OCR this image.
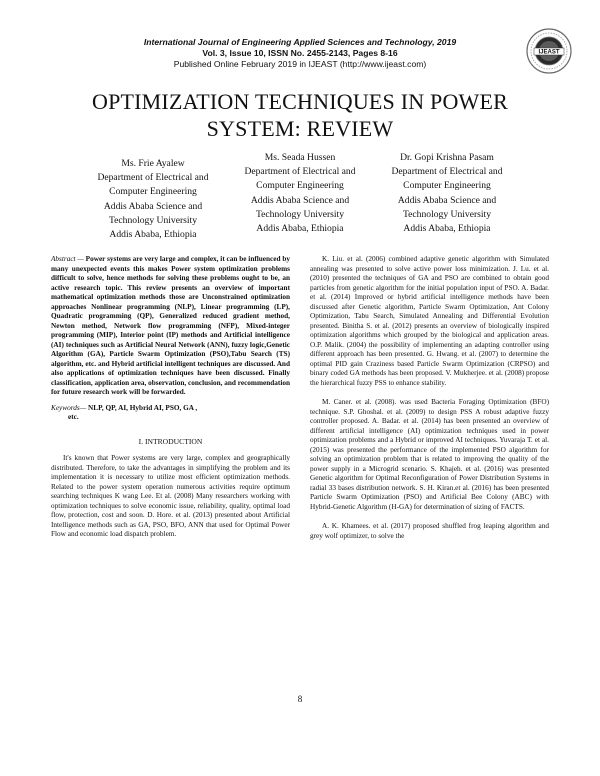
International Journal of Engineering Applied Sciences and Technology, 2019
Vol. 3, Issue 10, ISSN No. 2455-2143, Pages 8-16
Published Online February 2019 in IJEAST (http://www.ijeast.com)
IJEAST
OPTIMIZATION TECHNIQUES IN POWER
SYSTEM: REVIEW
Ms. Frie Ayalew
Department of Electrical and
Computer Engineering
Addis Ababa Science and
Technology University
Addis Ababa, Ethiopia
Ms. Seada Hussen
Department of Electrical and
Computer Engineering
Addis Ababa Science and
Technology University
Addis Ababa, Ethiopia
Dr. Gopi Krishna Pasam
Department of Electrical and
Computer Engineering
Addis Ababa Science and
Technology University
Addis Ababa, Ethiopia

Abstract — Power systems are very large and complex, it can be influenced by many unexpected events this makes Power system optimization problems difficult to solve, hence methods for solving these problems ought to be, an active research topic. This review presents an overview of important mathematical optimization methods those are Unconstrained optimization approaches Nonlinear programming (NLP), Linear programming (LP), Quadratic programming (QP), Generalized reduced gradient method, Newton method, Network flow programming (NFP), Mixed-integer programming (MIP), Interior point (IP) methods and Artificial intelligence (AI) techniques such as Artificial Neural Network (ANN), fuzzy logic,Genetic Algorithm (GA), Particle Swarm Optimization (PSO),Tabu Search (TS) algorithm, etc. and Hybrid artificial intelligent techniques are discussed. And also applications of optimization techniques have been discussed. Finally classification, application area, observation, conclusion, and recommendation for future research work will be forwarded.

Keywords— NLP, QP, AI, Hybrid AI, PSO, GA ,

etc.

I. INTRODUCTION

It's known that Power systems are very large, complex and geographically distributed. Therefore, to take the advantages in simplifying the problem and its implementation it is necessary to utilize most efficient optimization methods. Related to the power system operation numerous activities require optimum searching techniques K wang Lee. Et al. (2008) Many researchers working with optimization techniques to solve economic issue, reliability, quality, optimal load flow, protection, cost and soon. D. Hore. et al. (2013) presented about Artificial Intelligence methods such as GA, PSO, BFO, ANN that used for Optimal Power Flow and economic load dispatch problem.

K. Liu. et al. (2006) combined adaptive genetic algorithm with Simulated annealing was presented to solve active power loss minimization. J. Lu. et al. (2010) presented the techniques of GA and PSO are combined to obtain good particles from genetic algorithm for the initial population input of PSO. A. Badar. et al. (2014) Improved or hybrid artificial intelligence methods have been discussed after Genetic algorithm, Particle Swarm Optimization, Ant Colony Optimization, Tabu Search, Simulated Annealing and Differential Evolution presented. Binitha S. et al. (2012) presents an overview of biologically inspired optimization algorithms which grouped by the biological and application areas. O.P. Malik. (2004) the possibility of implementing an adapting controller using different approach has been presented. G. Hwang. et al. (2007) to determine the optimal PID gain Craziness based Particle Swarm Optimization (CRPSO) and binary coded GA methods has been proposed. V. Mukherjee. et al. (2008) propose the hierarchical fuzzy PSS to enhance stability.

M. Caner. et al. (2008). was used Bacteria Foraging Optimization (BFO) technique. S.P. Ghoshal. et al. (2009) to design PSS A robust adaptive fuzzy controller proposed. A. Badar. et al. (2014) has been presented an overview of different artificial intelligence (AI) optimization techniques used in power optimization problems and a Hybrid or improved AI techniques. Yuvaraja T. et al. (2015) was presented the performance of the implemented PSO algorithm for solving an optimization problem that is related to improving the quality of the power supply in a Microgrid scenario. S. Khajeh. et al. (2016) was presented Genetic algorithm for Optimal Reconfiguration of Power Distribution Systems in radial 33 bases distribution network. S. H. Kiran.et al. (2016) has been presented Particle Swarm Optimization (PSO) and Artificial Bee Colony (ABC) with Hybrid-Genetic Algorithm (H-GA) for determination of sizing of FACTS.

A. K. Khamees. et al. (2017) proposed shuffled frog leaping algorithm and grey wolf optimizer, to solve the

8
